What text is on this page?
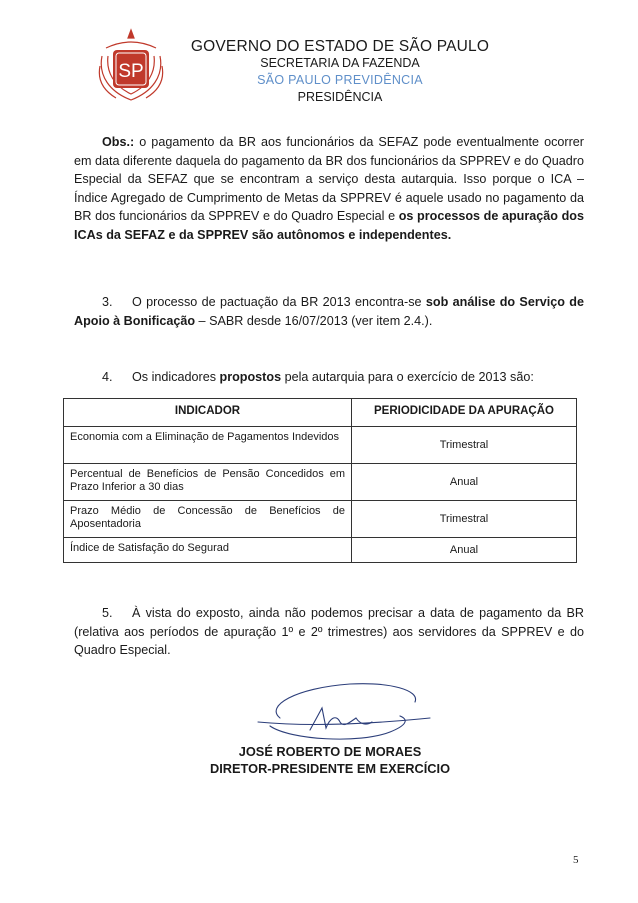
SP
GOVERNO DO ESTADO DE SÃO PAULO
SECRETARIA DA FAZENDA
SÃO PAULO PREVIDÊNCIA
PRESIDÊNCIA

Obs.: o pagamento da BR aos funcionários da SEFAZ pode eventualmente ocorrer em data diferente daquela do pagamento da BR dos funcionários da SPPREV e do Quadro Especial da SEFAZ que se encontram a serviço desta autarquia. Isso porque o ICA – Índice Agregado de Cumprimento de Metas da SPPREV é aquele usado no pagamento da BR dos funcionários da SPPREV e do Quadro Especial e os processos de apuração dos ICAs da SEFAZ e da SPPREV são autônomos e independentes.

3. O processo de pactuação da BR 2013 encontra-se sob análise do Serviço de Apoio à Bonificação – SABR desde 16/07/2013 (ver item 2.4.).

4. Os indicadores propostos pela autarquia para o exercício de 2013 são:

INDICADOR	PERIODICIDADE DA APURAÇÃO
Economia com a Eliminação de Pagamentos Indevidos	Trimestral
Percentual de Benefícios de Pensão Concedidos em Prazo Inferior a 30 dias	Anual
Prazo Médio de Concessão de Benefícios de Aposentadoria	Trimestral
Índice de Satisfação do Segurad	Anual

5. À vista do exposto, ainda não podemos precisar a data de pagamento da BR (relativa aos períodos de apuração 1º e 2º trimestres) aos servidores da SPPREV e do Quadro Especial.

JOSÉ ROBERTO DE MORAES
DIRETOR-PRESIDENTE EM EXERCÍCIO
5
